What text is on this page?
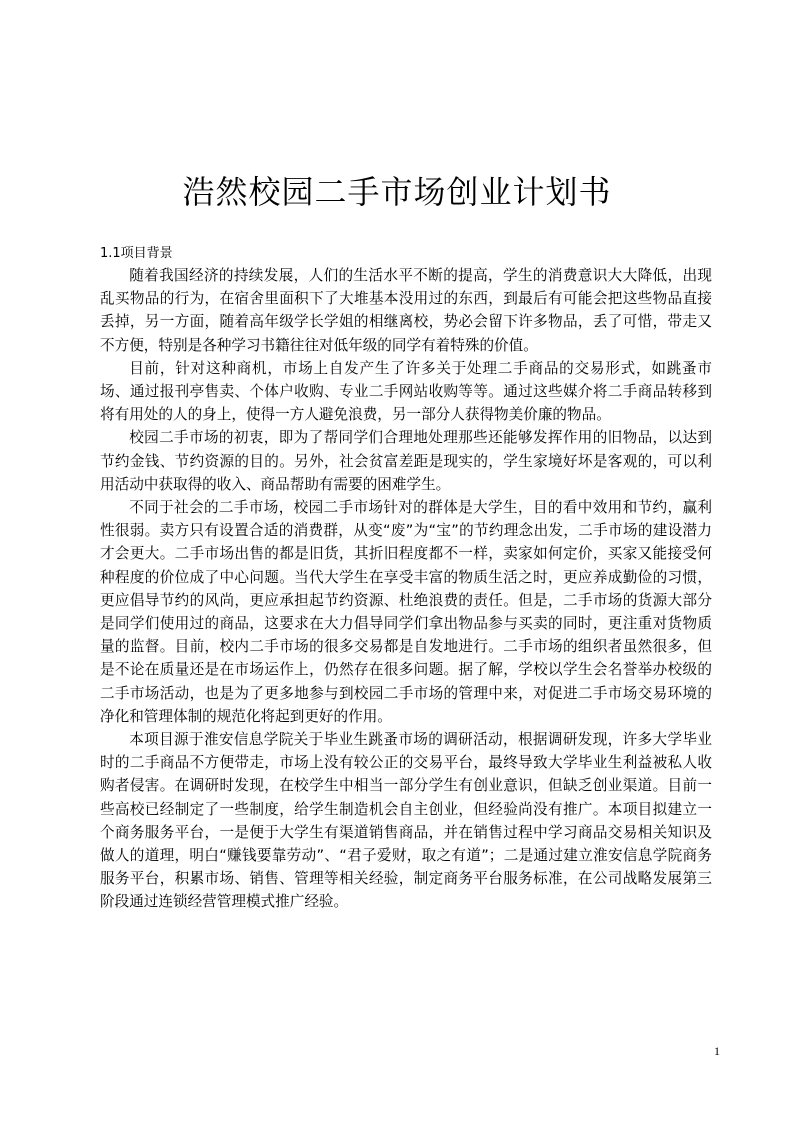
浩然校园二手市场创业计划书
1.1项目背景

随着我国经济的持续发展，人们的生活水平不断的提高，学生的消费意识大大降低，出现乱买物品的行为，在宿舍里面积下了大堆基本没用过的东西，到最后有可能会把这些物品直接丢掉，另一方面，随着高年级学长学姐的相继离校，势必会留下许多物品，丢了可惜，带走又不方便，特别是各种学习书籍往往对低年级的同学有着特殊的价值。

目前，针对这种商机，市场上自发产生了许多关于处理二手商品的交易形式，如跳蚤市场、通过报刊亭售卖、个体户收购、专业二手网站收购等等。通过这些媒介将二手商品转移到将有用处的人的身上，使得一方人避免浪费，另一部分人获得物美价廉的物品。

校园二手市场的初衷，即为了帮同学们合理地处理那些还能够发挥作用的旧物品，以达到节约金钱、节约资源的目的。另外，社会贫富差距是现实的，学生家境好坏是客观的，可以利用活动中获取得的收入、商品帮助有需要的困难学生。

不同于社会的二手市场，校园二手市场针对的群体是大学生，目的看中效用和节约，赢利性很弱。卖方只有设置合适的消费群，从变“废”为“宝”的节约理念出发，二手市场的建设潜力才会更大。二手市场出售的都是旧货，其折旧程度都不一样，卖家如何定价，买家又能接受何种程度的价位成了中心问题。当代大学生在享受丰富的物质生活之时，更应养成勤俭的习惯，更应倡导节约的风尚，更应承担起节约资源、杜绝浪费的责任。但是，二手市场的货源大部分是同学们使用过的商品，这要求在大力倡导同学们拿出物品参与买卖的同时，更注重对货物质量的监督。目前，校内二手市场的很多交易都是自发地进行。二手市场的组织者虽然很多，但是不论在质量还是在市场运作上，仍然存在很多问题。据了解，学校以学生会名誉举办校级的二手市场活动，也是为了更多地参与到校园二手市场的管理中来，对促进二手市场交易环境的净化和管理体制的规范化将起到更好的作用。

本项目源于淮安信息学院关于毕业生跳蚤市场的调研活动，根据调研发现，许多大学毕业时的二手商品不方便带走，市场上没有较公正的交易平台，最终导致大学毕业生利益被私人收购者侵害。在调研时发现，在校学生中相当一部分学生有创业意识，但缺乏创业渠道。目前一些高校已经制定了一些制度，给学生制造机会自主创业，但经验尚没有推广。本项目拟建立一个商务服务平台，一是便于大学生有渠道销售商品，并在销售过程中学习商品交易相关知识及做人的道理，明白“赚钱要靠劳动”、“君子爱财，取之有道”；二是通过建立淮安信息学院商务服务平台，积累市场、销售、管理等相关经验，制定商务平台服务标准，在公司战略发展第三阶段通过连锁经营管理模式推广经验。

1
